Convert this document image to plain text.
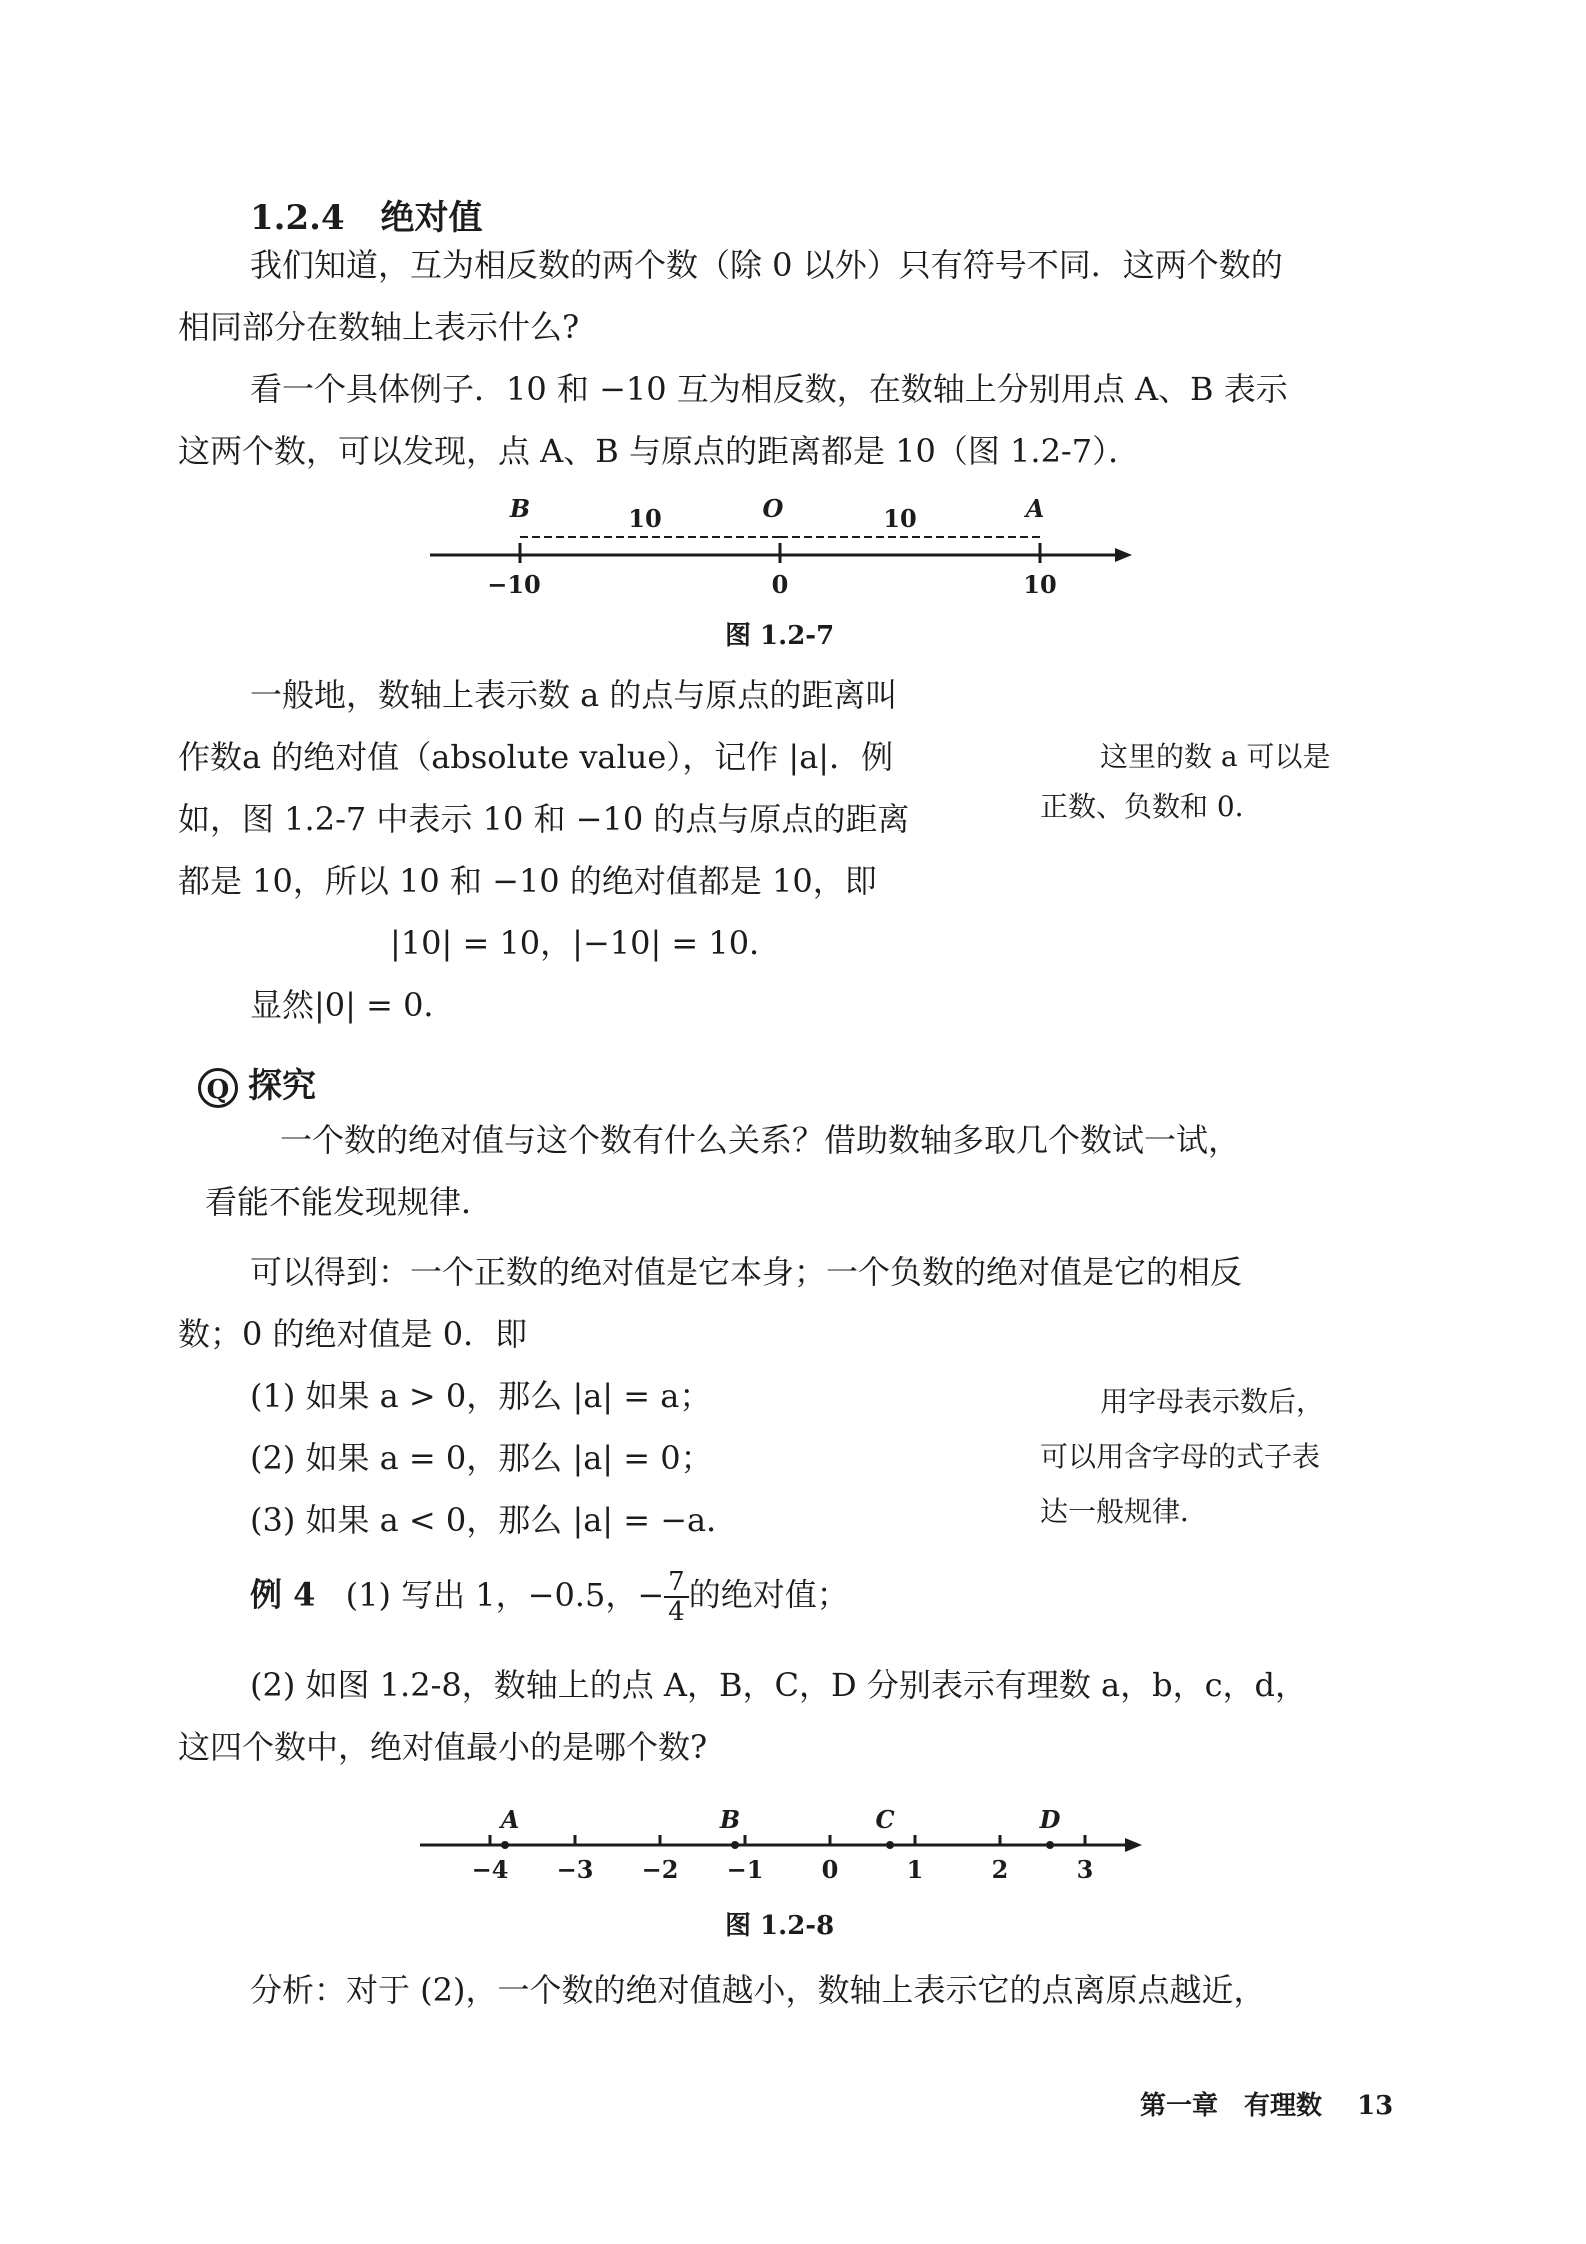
1.2.4 绝对值
我们知道，互为相反数的两个数（除 0 以外）只有符号不同．这两个数的
相同部分在数轴上表示什么?
看一个具体例子．10 和 −10 互为相反数，在数轴上分别用点 A、B 表示
这两个数，可以发现，点 A、B 与原点的距离都是 10（图 1.2-7）．
B	10	O	10	A
−10	0	10
图 1.2-7
一般地，数轴上表示数 a 的点与原点的距离叫
作数a 的绝对值（absolute value），记作 |a|．例
如，图 1.2-7 中表示 10 和 −10 的点与原点的距离
都是 10，所以 10 和 −10 的绝对值都是 10，即
这里的数 a 可以是
正数、负数和 0．
|10| = 10，|−10| = 10．
显然|0| = 0．
Q 探究
一个数的绝对值与这个数有什么关系？借助数轴多取几个数试一试，
看能不能发现规律．
可以得到：一个正数的绝对值是它本身；一个负数的绝对值是它的相反
数；0 的绝对值是 0．即
(1) 如果 a > 0，那么 |a| = a；
(2) 如果 a = 0，那么 |a| = 0；
(3) 如果 a < 0，那么 |a| = −a．
用字母表示数后，
可以用含字母的式子表
达一般规律．
例 4 (1) 写出 1，−0.5，− $\frac{7}{4}$ 的绝对值；
(2) 如图 1.2-8，数轴上的点 A，B，C，D 分别表示有理数 a，b，c，d，
这四个数中，绝对值最小的是哪个数?
A	B	C	D
−4 −3 −2 −1 0	1	2	3
图 1.2-8
分析：对于 (2)，一个数的绝对值越小，数轴上表示它的点离原点越近，
第一章　有理数 13
